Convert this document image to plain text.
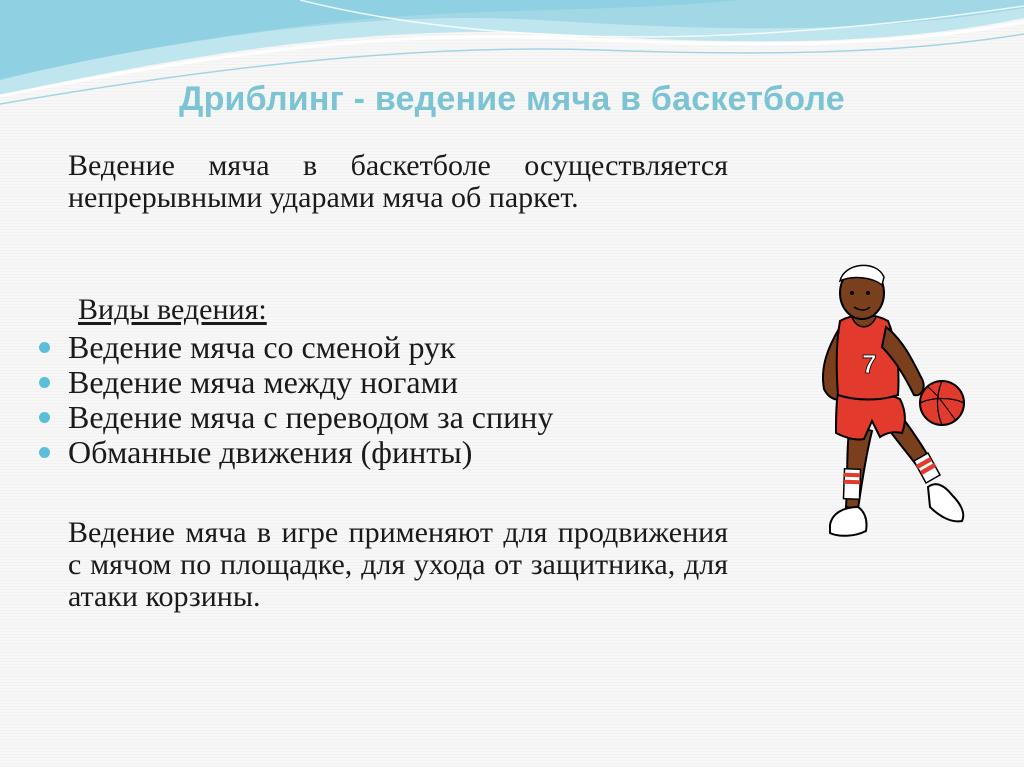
Дриблинг - ведение мяча в баскетболе

Ведение мяча в баскетболе осуществляется непрерывными ударами мяча об паркет.

Виды ведения:

Ведение мяча со сменой рук
Ведение мяча между ногами
Ведение мяча с переводом за спину
Обманные движения (финты)

Ведение мяча в игре применяют для продвижения с мячом по площадке, для ухода от защитника, для атаки корзины.

7
